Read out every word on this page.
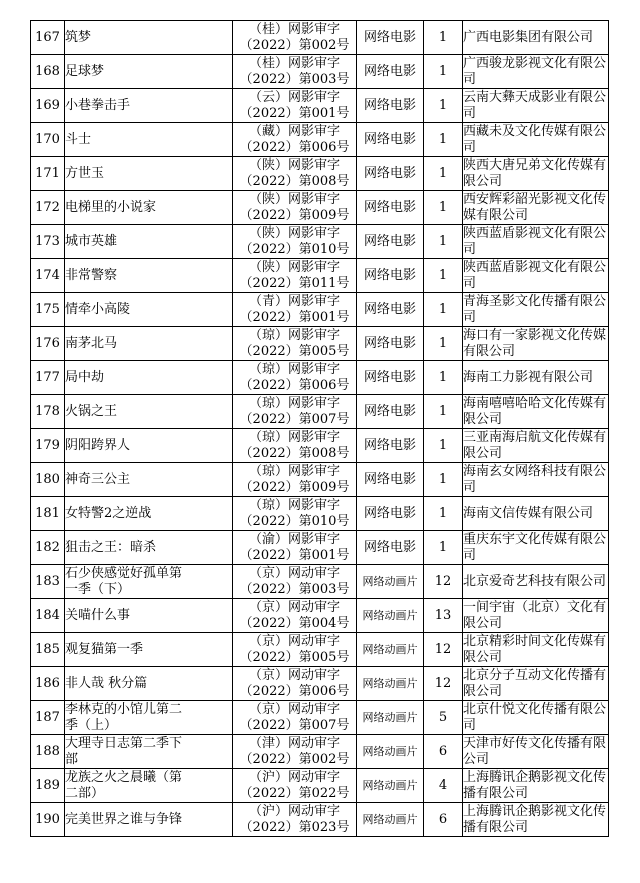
167	筑梦	（桂）网影审字
（2022）第002号	网络电影	1	广西电影集团有限公司

168	足球梦	（桂）网影审字
（2022）第003号	网络电影	1	广西骏龙影视文化有限公
司

169	小巷拳击手	（云）网影审字
（2022）第001号	网络电影	1	云南大彝天成影业有限公
司

170	斗士	（藏）网影审字
（2022）第006号	网络电影	1	西藏未及文化传媒有限公
司

171	方世玉	（陕）网影审字
（2022）第008号	网络电影	1	陕西大唐兄弟文化传媒有
限公司

172	电梯里的小说家	（陕）网影审字
（2022）第009号	网络电影	1	西安辉彩韶光影视文化传
媒有限公司

173	城市英雄	（陕）网影审字
（2022）第010号	网络电影	1	陕西蓝盾影视文化有限公
司

174	非常警察	（陕）网影审字
（2022）第011号	网络电影	1	陕西蓝盾影视文化有限公
司

175	情牵小高陵	（青）网影审字
（2022）第001号	网络电影	1	青海圣影文化传播有限公
司

176	南茅北马	（琼）网影审字
（2022）第005号	网络电影	1	海口有一家影视文化传媒
有限公司

177	局中劫	（琼）网影审字
（2022）第006号	网络电影	1	海南工力影视有限公司

178	火锅之王	（琼）网影审字
（2022）第007号	网络电影	1	海南嘻嘻哈哈文化传媒有
限公司

179	阴阳跨界人	（琼）网影审字
（2022）第008号	网络电影	1	三亚南海启航文化传媒有
限公司

180	神奇三公主	（琼）网影审字
（2022）第009号	网络电影	1	海南玄女网络科技有限公
司

181	女特警2之逆战	（琼）网影审字
（2022）第010号	网络电影	1	海南文信传媒有限公司

182	狙击之王：暗杀	（渝）网影审字
（2022）第001号	网络电影	1	重庆东宇文化传媒有限公
司

183	石少侠感觉好孤单第
一季（下）	（京）网动审字
（2022）第003号	网络动画片	12	北京爱奇艺科技有限公司

184	关喵什么事	（京）网动审字
（2022）第004号	网络动画片	13	一间宇宙（北京）文化有
限公司

185	观复猫第一季	（京）网动审字
（2022）第005号	网络动画片	12	北京精彩时间文化传媒有
限公司

186	非人哉 秋分篇	（京）网动审字
（2022）第006号	网络动画片	12	北京分子互动文化传播有
限公司

187	李林克的小馆儿第二
季（上）	（京）网动审字
（2022）第007号	网络动画片	5	北京什悦文化传播有限公
司

188	大理寺日志第二季下
部	（津）网动审字
（2022）第002号	网络动画片	6	天津市好传文化传播有限
公司

189	龙族之火之晨曦（第
二部）	（沪）网动审字
（2022）第022号	网络动画片	4	上海腾讯企鹅影视文化传
播有限公司

190	完美世界之谁与争锋	（沪）网动审字
（2022）第023号	网络动画片	6	上海腾讯企鹅影视文化传
播有限公司
